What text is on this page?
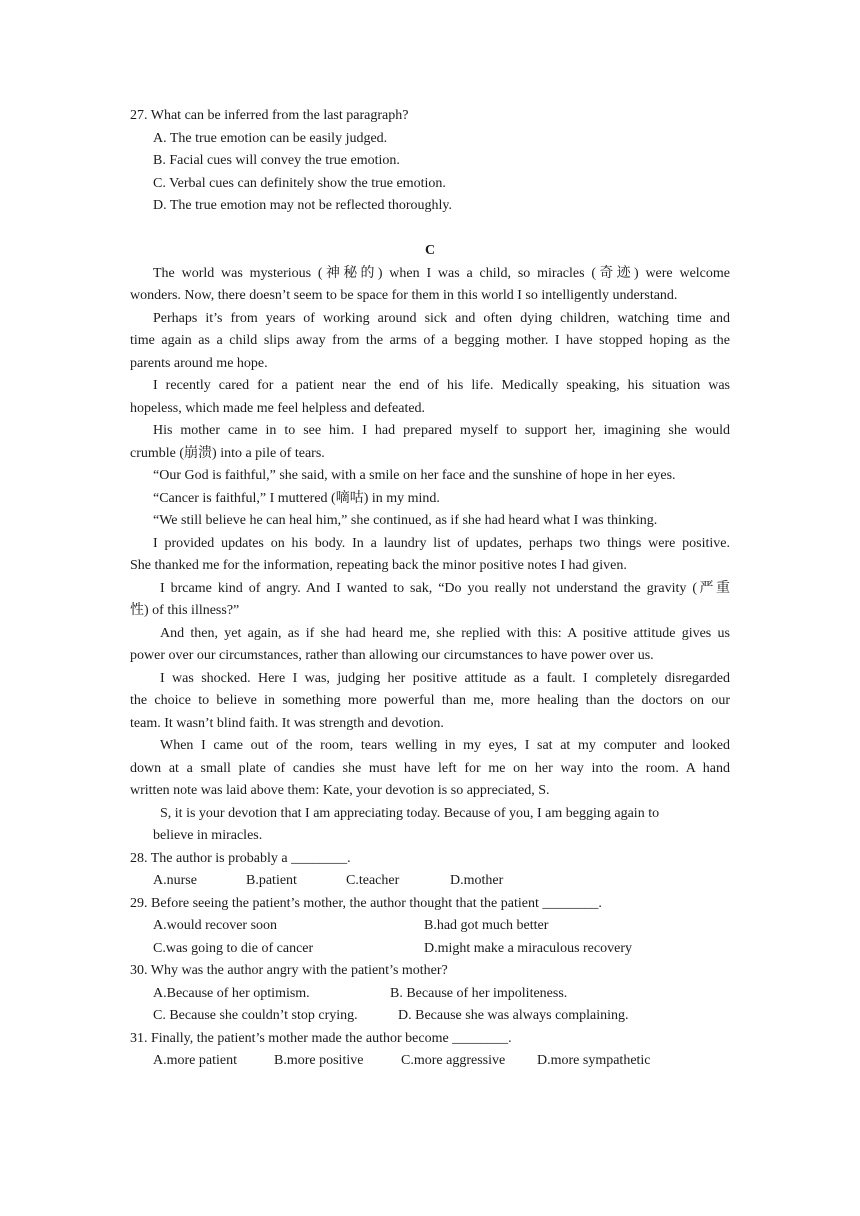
27. What can be inferred from the last paragraph?
A. The true emotion can be easily judged.
B. Facial cues will convey the true emotion.
C. Verbal cues can definitely show the true emotion.
D. The true emotion may not be reflected thoroughly.
C
The world was mysterious (神秘的) when I was a child, so miracles (奇迹) were welcome
wonders. Now, there doesn’t seem to be space for them in this world I so intelligently understand.
Perhaps it’s from years of working around sick and often dying children, watching time and
time again as a child slips away from the arms of a begging mother. I have stopped hoping as the
parents around me hope.
I recently cared for a patient near the end of his life. Medically speaking, his situation was
hopeless, which made me feel helpless and defeated.
His mother came in to see him. I had prepared myself to support her, imagining she would
crumble (崩溃) into a pile of tears.
“Our God is faithful,” she said, with a smile on her face and the sunshine of hope in her eyes.
“Cancer is faithful,” I muttered (嘀咕) in my mind.
“We still believe he can heal him,” she continued, as if she had heard what I was thinking.
I provided updates on his body. In a laundry list of updates, perhaps two things were positive.
She thanked me for the information, repeating back the minor positive notes I had given.
I brcame kind of angry. And I wanted to sak, “Do you really not understand the gravity (严重
性) of this illness?”
And then, yet again, as if she had heard me, she replied with this: A positive attitude gives us
power over our circumstances, rather than allowing our circumstances to have power over us.
I was shocked. Here I was, judging her positive attitude as a fault. I completely disregarded
the choice to believe in something more powerful than me, more healing than the doctors on our
team. It wasn’t blind faith. It was strength and devotion.
When I came out of the room, tears welling in my eyes, I sat at my computer and looked
down at a small plate of candies she must have left for me on her way into the room. A hand
written note was laid above them: Kate, your devotion is so appreciated, S.
S, it is your devotion that I am appreciating today. Because of you, I am begging again to
believe in miracles.
28. The author is probably a ________.
A.nurse	B.patient	C.teacher	D.mother
29. Before seeing the patient’s mother, the author thought that the patient ________.
A.would recover soon	B.had got much better
C.was going to die of cancer	D.might make a miraculous recovery
30. Why was the author angry with the patient’s mother?
A.Because of her optimism.	B. Because of her impoliteness.
C. Because she couldn’t stop crying.	D. Because she was always complaining.
31. Finally, the patient’s mother made the author become ________.
A.more patient	B.more positive	C.more aggressive D.more sympathetic
